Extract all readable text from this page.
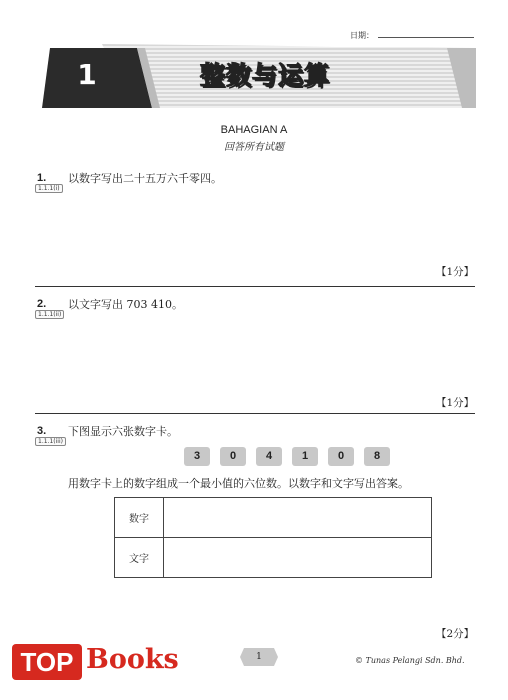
日期：
1	整数与运算
BAHAGIAN A
回答所有试题
1.
1.1.1(i)
以数字写出二十五万六千零四。
【1分】
2.
1.1.1(ii)
以文字写出 703 410。
【1分】
3.
1.1.1(iii)
下图显示六张数字卡。
3	0	4	1	0	8
用数字卡上的数字组成一个最小值的六位数。以数字和文字写出答案。
数字	
文字	
【2分】
TOP Books	1	© Tunas Pelangi Sdn. Bhd.
